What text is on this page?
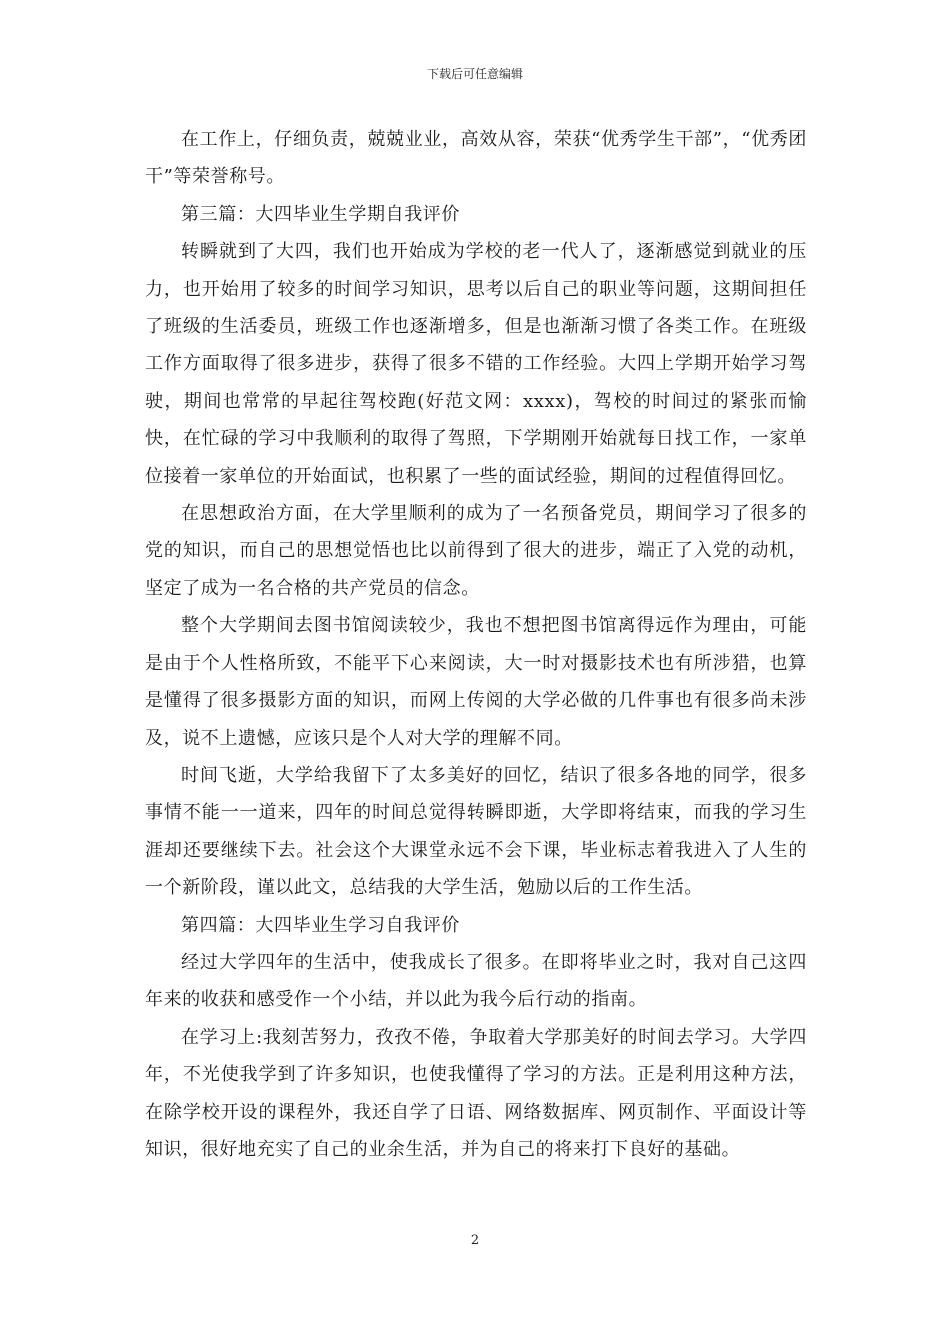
下载后可任意编辑

在工作上，仔细负责，兢兢业业，高效从容，荣获“优秀学生干部”，“优秀团干”等荣誉称号。

第三篇：大四毕业生学期自我评价

转瞬就到了大四，我们也开始成为学校的老一代人了，逐渐感觉到就业的压力，也开始用了较多的时间学习知识，思考以后自己的职业等问题，这期间担任了班级的生活委员，班级工作也逐渐增多，但是也渐渐习惯了各类工作。在班级工作方面取得了很多进步，获得了很多不错的工作经验。大四上学期开始学习驾驶，期间也常常的早起往驾校跑(好范文网：xxxx)，驾校的时间过的紧张而愉快，在忙碌的学习中我顺利的取得了驾照，下学期刚开始就每日找工作，一家单位接着一家单位的开始面试，也积累了一些的面试经验，期间的过程值得回忆。

在思想政治方面，在大学里顺利的成为了一名预备党员，期间学习了很多的党的知识，而自己的思想觉悟也比以前得到了很大的进步，端正了入党的动机，坚定了成为一名合格的共产党员的信念。

整个大学期间去图书馆阅读较少，我也不想把图书馆离得远作为理由，可能是由于个人性格所致，不能平下心来阅读，大一时对摄影技术也有所涉猎，也算是懂得了很多摄影方面的知识，而网上传阅的大学必做的几件事也有很多尚未涉及，说不上遗憾，应该只是个人对大学的理解不同。

时间飞逝，大学给我留下了太多美好的回忆，结识了很多各地的同学，很多事情不能一一道来，四年的时间总觉得转瞬即逝，大学即将结束，而我的学习生涯却还要继续下去。社会这个大课堂永远不会下课，毕业标志着我进入了人生的一个新阶段，谨以此文，总结我的大学生活，勉励以后的工作生活。

第四篇：大四毕业生学习自我评价

经过大学四年的生活中，使我成长了很多。在即将毕业之时，我对自己这四年来的收获和感受作一个小结，并以此为我今后行动的指南。

在学习上:我刻苦努力，孜孜不倦，争取着大学那美好的时间去学习。大学四年，不光使我学到了许多知识，也使我懂得了学习的方法。正是利用这种方法，在除学校开设的课程外，我还自学了日语、网络数据库、网页制作、平面设计等知识，很好地充实了自己的业余生活，并为自己的将来打下良好的基础。

2
